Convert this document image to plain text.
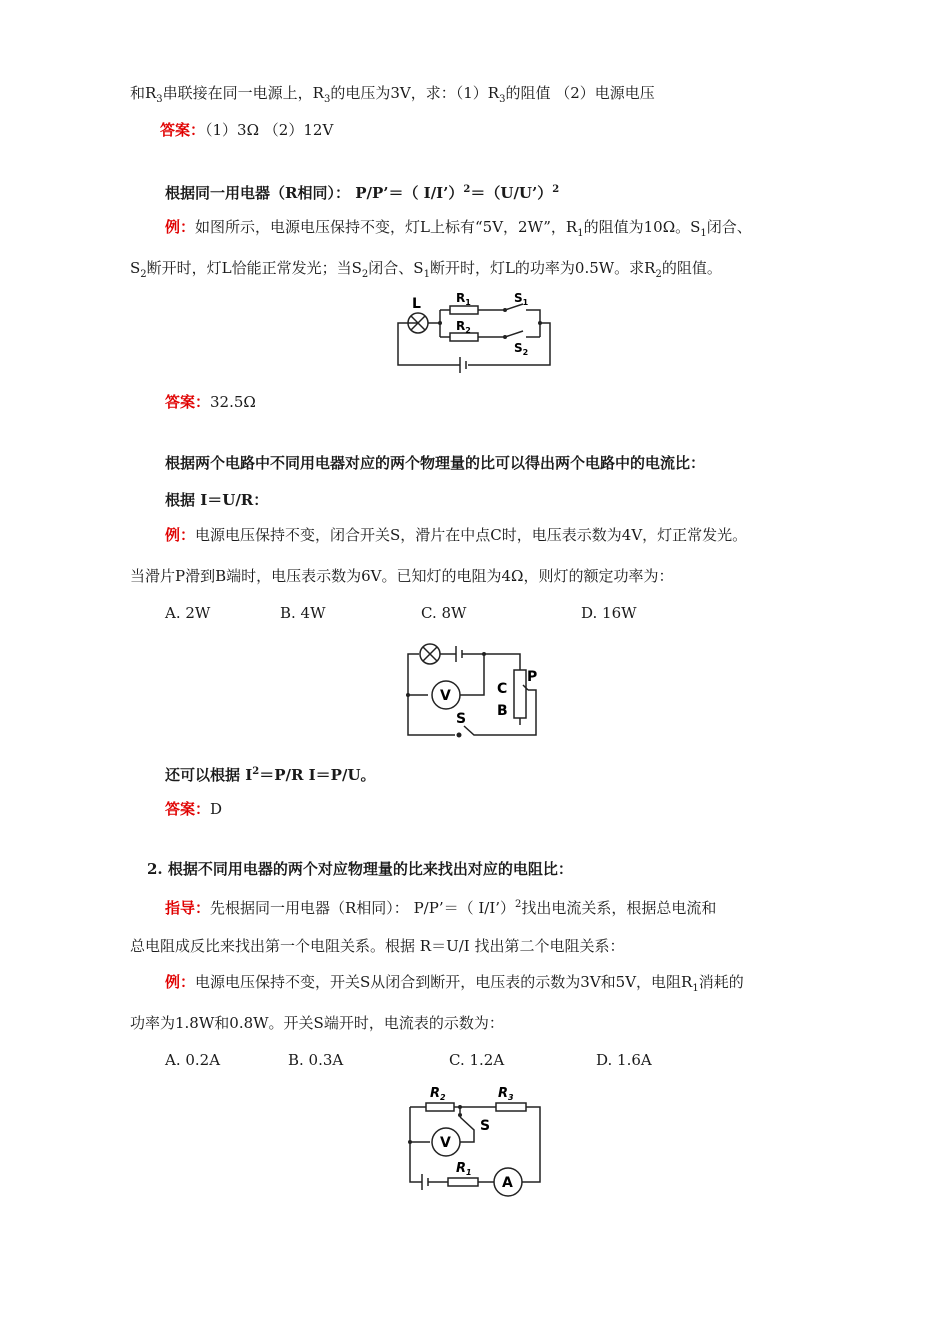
和$R_3$串联接在同一电源上，$R_3$的电压为3V，求：$(1)R_3$的阻值 （2）电源电压
答案：（1）3Ω （2）12V
根据同一用电器（R相同）： P/P’＝（ I/I’）$^2$＝（U/U’）$^2$
例：如图所示，电源电压保持不变，灯L上标有“5V，2W”，$R_1$的阻值为10Ω。$S_1$闭合、
$S_2$断开时，灯L恰能正常发光；当$S_2$闭合、$S_1$断开时，灯L的功率为0.5W。求$R_2$的阻值。
L	$R_1$
$R_2$
$S_1$
$S_2$
答案：32.5Ω
根据两个电路中不同用电器对应的两个物理量的比可以得出两个电路中的电流比：
根据 I＝U/R：
例：电源电压保持不变，闭合开关S，滑片在中点C时，电压表示数为4V，灯正常发光。
当滑片P滑到B端时，电压表示数为6V。已知灯的电阻为4Ω，则灯的额定功率为：
A. 2W	B. 4W	C. 8W	D. 16W
V	C
B
P
S
还可以根据 $I^2=P/R$ I＝P/U。
答案：D
2. 根据不同用电器的两个对应物理量的比来找出对应的电阻比：
指导：先根据同一用电器（R相同）： P/P’＝（ I/I’）$^2$找出电流关系，根据总电流和
总电阻成反比来找出第一个电阻关系。根据 R＝U/I 找出第二个电阻关系：
例：电源电压保持不变，开关S从闭合到断开，电压表的示数为3V和5V，电阻$R_1$消耗的
功率为1.8W和0.8W。开关S端开时，电流表的示数为：
A. 0.2A	B. 0.3A	C. 1.2A	D. 1.6A
$R_2$	$R_3$
$R_1$
V
S
A
